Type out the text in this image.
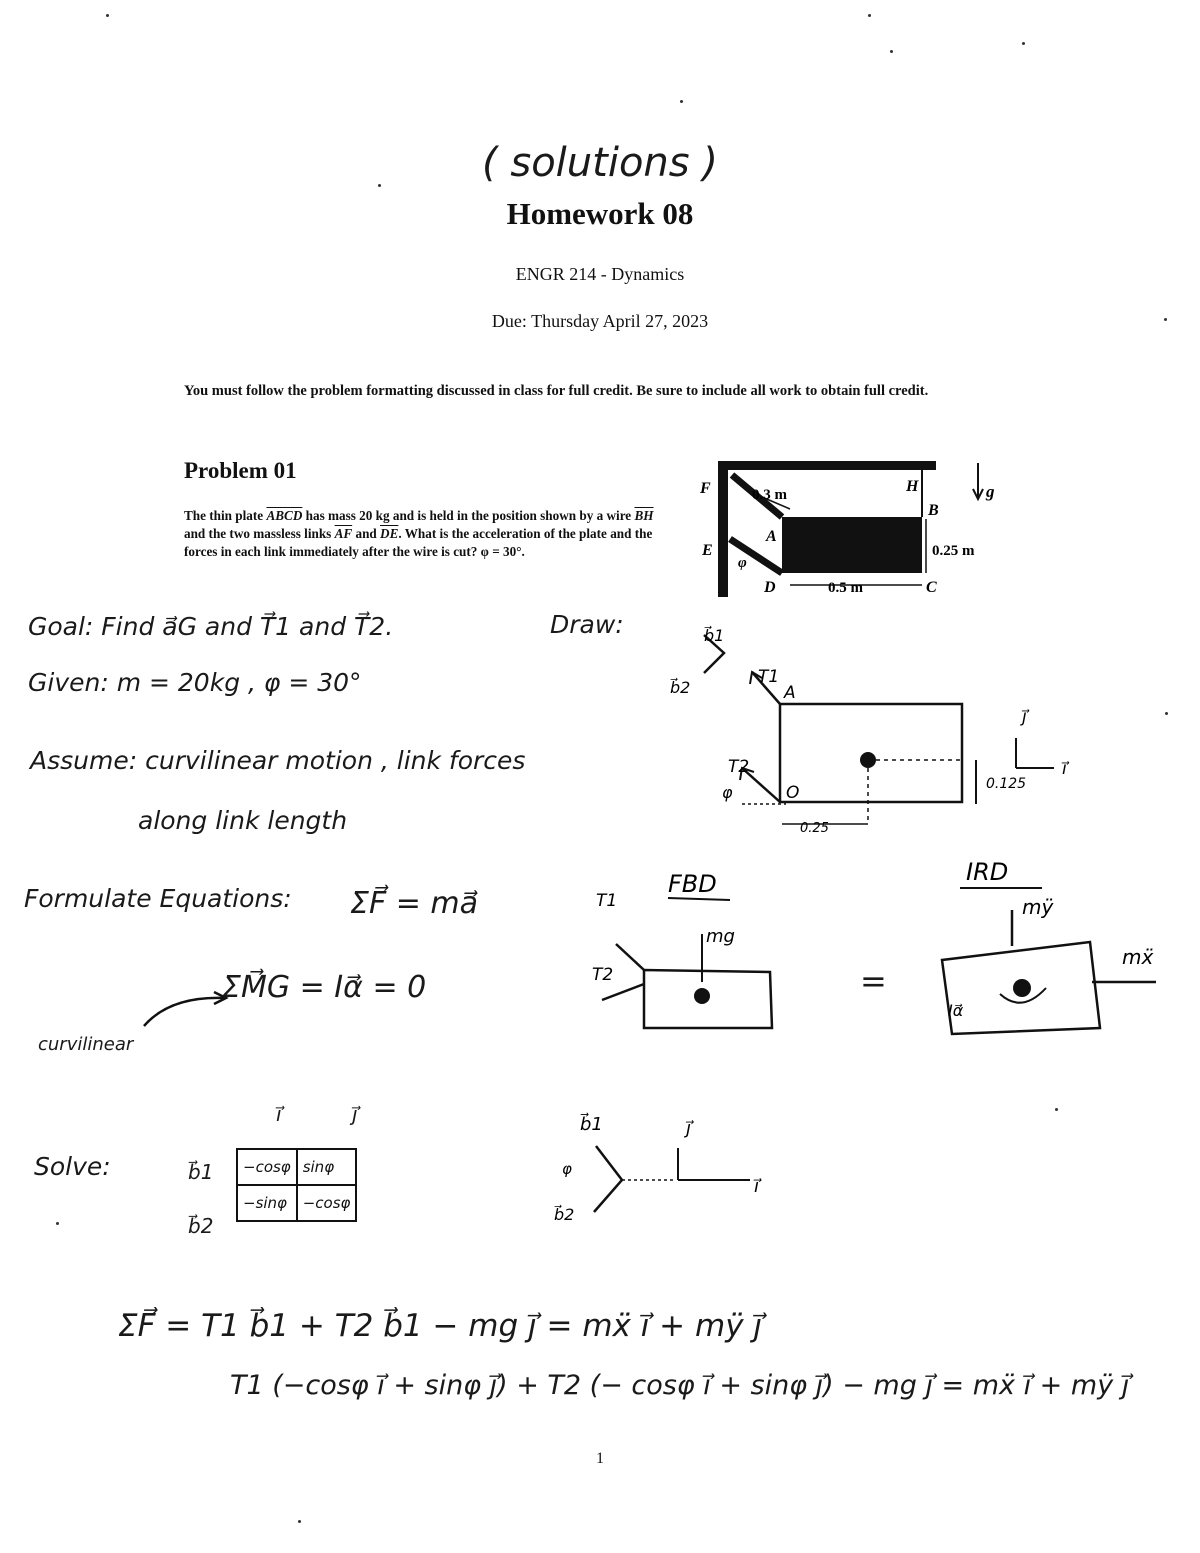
( solutions )
Homework 08
ENGR 214 - Dynamics
Due: Thursday April 27, 2023
You must follow the problem formatting discussed in class for full credit. Be sure to include all work to obtain full credit.
Problem 01
The thin plate ABCD has mass 20 kg and is held in the position shown by a wire $\overline{BH}$ and the two massless links $\overline{AF}$ and $\overline{DE}$. What is the acceleration of the plate and the forces in each link immediately after the wire is cut? φ = 30°.
F	H
B
A
E
φ
D	C
g
0.3 m
0.25 m
0.5 m
Goal: Find a⃗G and T⃗1 and T⃗2.	Draw:
Given: m = 20kg , φ = 30°
Assume: curvilinear motion , link forces
along link length
Formulate Equations: ΣF⃗ = ma⃗
ΣM⃗G = Iα⃗ = 0
curvilinear
b⃗1
b⃗2
T1
A
T2
O
φ	0.125
0.25
j⃗
i⃗
FBD
T1
T2
mg
=
IRD
mÿ
mẍ
Iα⃗
Solve:
i⃗	j⃗
b⃗1
b⃗2
−cosφ	sinφ
−sinφ	−cosφ
b⃗1
b⃗2
φ
j⃗
i⃗
ΣF⃗ = T1 b⃗1 + T2 b⃗1 − mg j⃗ = mẍ i⃗ + mÿ j⃗
T1 (−cosφ i⃗ + sinφ j⃗) + T2 (− cosφ i⃗ + sinφ j⃗) − mg j⃗ = mẍ i⃗ + mÿ j⃗
1
